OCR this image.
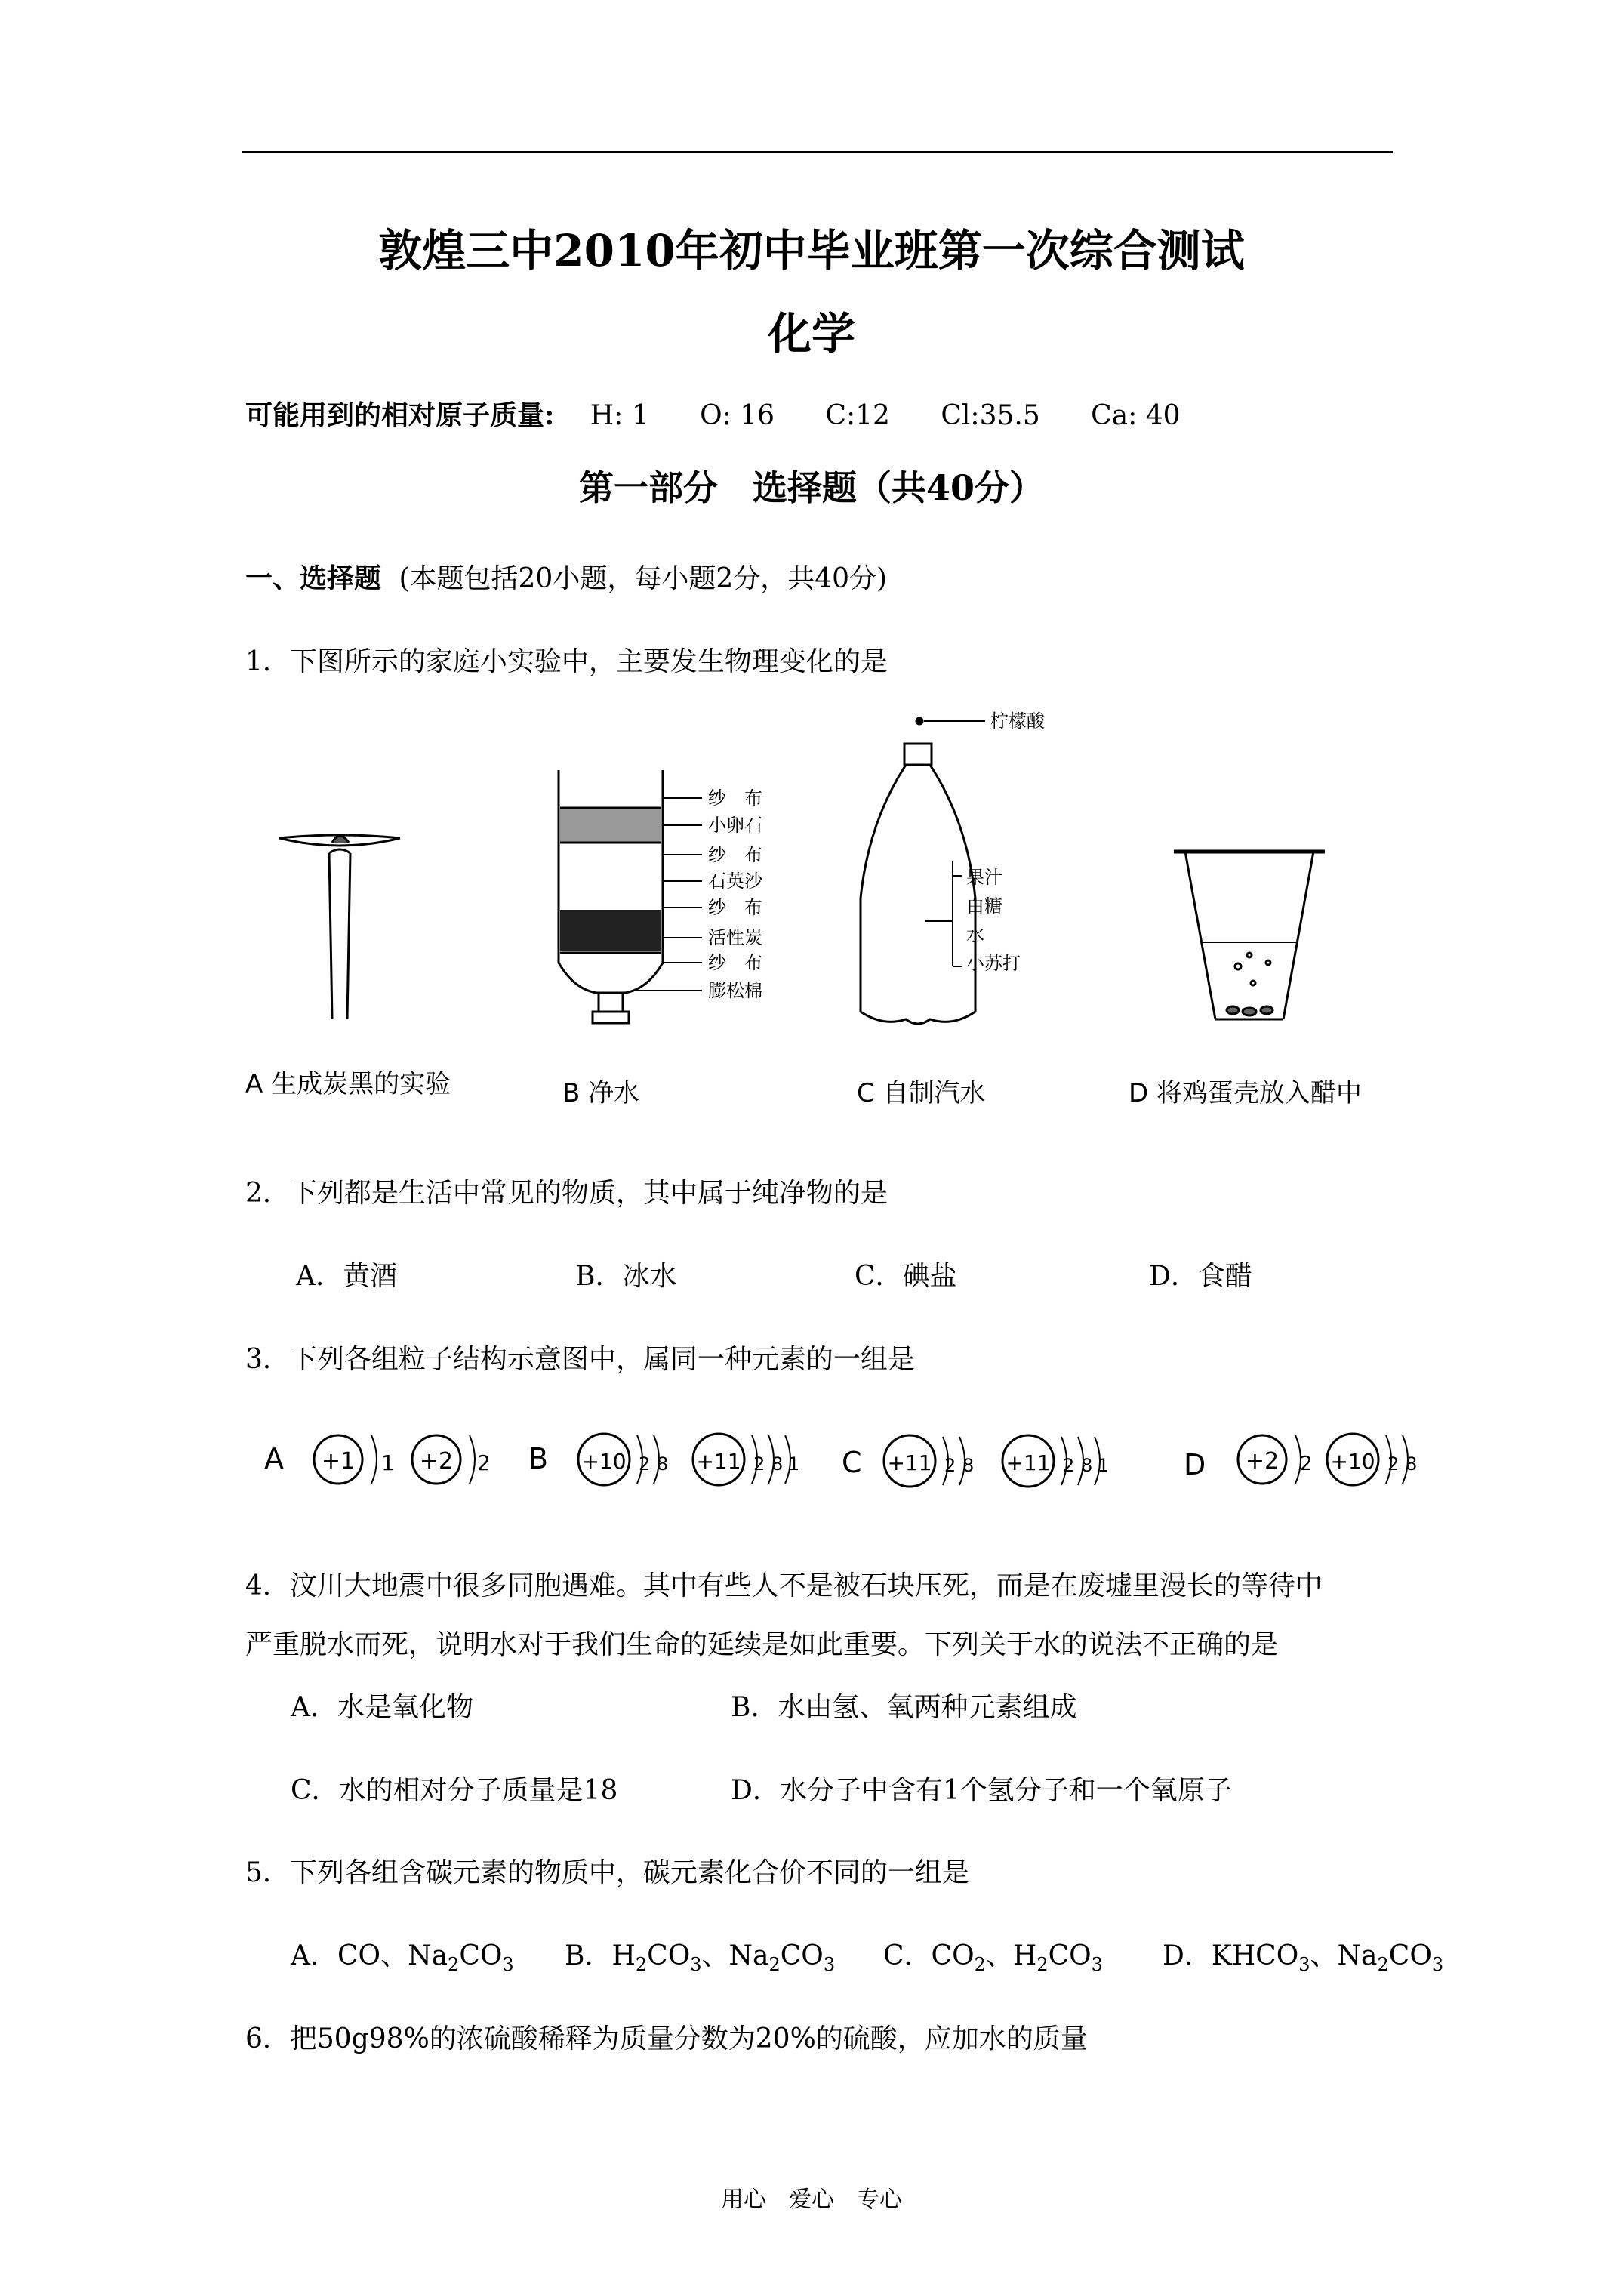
敦煌三中2010年初中毕业班第一次综合测试
化学
可能用到的相对原子质量: H: 1 O: 16 C:12 Cl:35.5 Ca: 40
第一部分　选择题（共40分）
一、选择题 (本题包括20小题，每小题2分，共40分)
1．下图所示的家庭小实验中，主要发生物理变化的是
纱　布
小卵石
纱　布
石英沙
纱　布
活性炭
纱　布
膨松棉
柠檬酸
果汁
白糖
水
小苏打
A 生成炭黑的实验	B 净水	C 自制汽水	D 将鸡蛋壳放入醋中
2．下列都是生活中常见的物质，其中属于纯净物的是
A．黄酒	B．冰水	C．碘盐	D．食醋
3．下列各组粒子结构示意图中，属同一种元素的一组是
A +1 1 +2 2 B +10 2 8 +11 2 8 1 C +11 2 8 +11 2 8 1	D +2 2 +10 2 8
4．汶川大地震中很多同胞遇难。其中有些人不是被石块压死，而是在废墟里漫长的等待中
严重脱水而死，说明水对于我们生命的延续是如此重要。下列关于水的说法不正确的是
A．水是氧化物	B．水由氢、氧两种元素组成
C．水的相对分子质量是18	D．水分子中含有1个氢分子和一个氧原子
5．下列各组含碳元素的物质中，碳元素化合价不同的一组是
A．CO、$Na_2CO_3$ B．$H_2CO_3$、$Na_2CO_3$ C．$CO_2$、$H_2CO_3$ D．$KHCO_3$、$Na_2CO_3$
6．把50g98%的浓硫酸稀释为质量分数为20%的硫酸，应加水的质量
用心　爱心　专心
